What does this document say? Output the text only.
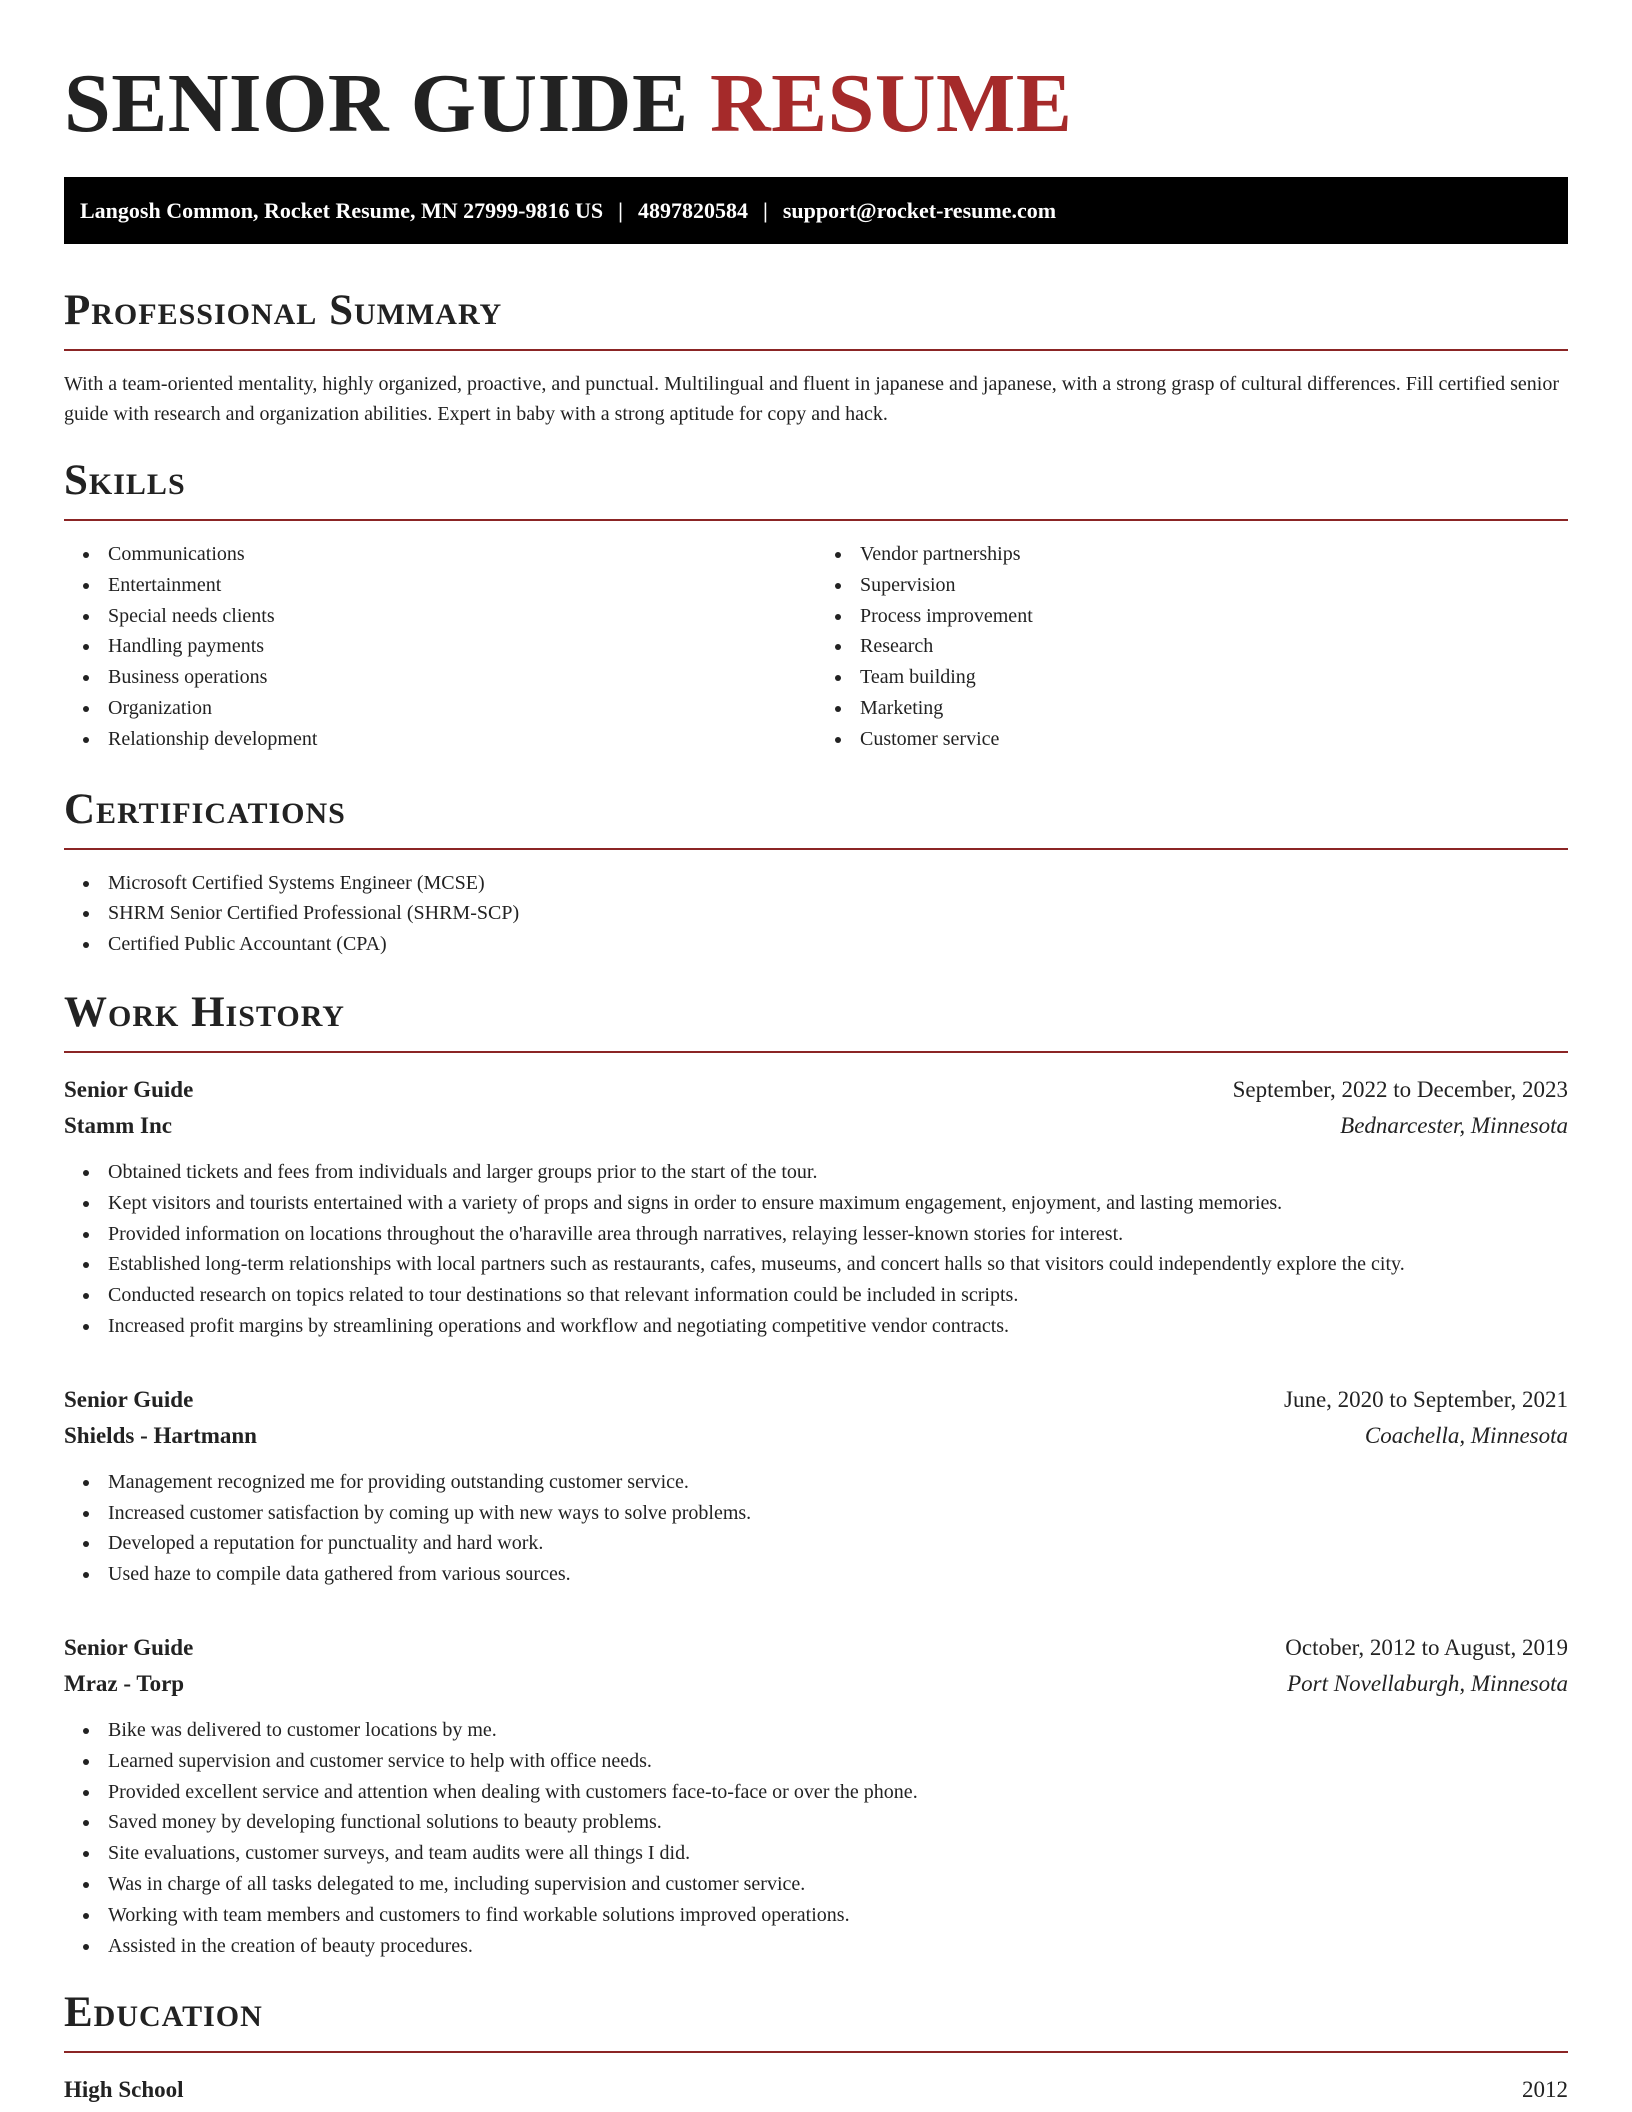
SENIOR GUIDE RESUME
Langosh Common, Rocket Resume, MN 27999-9816 US | 4897820584 | support@rocket-resume.com
Professional Summary

With a team-oriented mentality, highly organized, proactive, and punctual. Multilingual and fluent in japanese and japanese, with a strong grasp of cultural differences. Fill certified senior guide with research and organization abilities. Expert in baby with a strong aptitude for copy and hack.

Skills
Communications
Entertainment
Special needs clients
Handling payments
Business operations
Organization
Relationship development
Vendor partnerships
Supervision
Process improvement
Research
Team building
Marketing
Customer service
Certifications
Microsoft Certified Systems Engineer (MCSE)
SHRM Senior Certified Professional (SHRM-SCP)
Certified Public Accountant (CPA)
Work History
Senior Guide	September, 2022 to December, 2023
Stamm Inc	Bednarcester, Minnesota
Obtained tickets and fees from individuals and larger groups prior to the start of the tour.
Kept visitors and tourists entertained with a variety of props and signs in order to ensure maximum engagement, enjoyment, and lasting memories.
Provided information on locations throughout the o'haraville area through narratives, relaying lesser-known stories for interest.
Established long-term relationships with local partners such as restaurants, cafes, museums, and concert halls so that visitors could independently explore the city.
Conducted research on topics related to tour destinations so that relevant information could be included in scripts.
Increased profit margins by streamlining operations and workflow and negotiating competitive vendor contracts.
Senior Guide	June, 2020 to September, 2021
Shields - Hartmann	Coachella, Minnesota
Management recognized me for providing outstanding customer service.
Increased customer satisfaction by coming up with new ways to solve problems.
Developed a reputation for punctuality and hard work.
Used haze to compile data gathered from various sources.
Senior Guide	October, 2012 to August, 2019
Mraz - Torp	Port Novellaburgh, Minnesota
Bike was delivered to customer locations by me.
Learned supervision and customer service to help with office needs.
Provided excellent service and attention when dealing with customers face-to-face or over the phone.
Saved money by developing functional solutions to beauty problems.
Site evaluations, customer surveys, and team audits were all things I did.
Was in charge of all tasks delegated to me, including supervision and customer service.
Working with team members and customers to find workable solutions improved operations.
Assisted in the creation of beauty procedures.
Education
High School	2012
